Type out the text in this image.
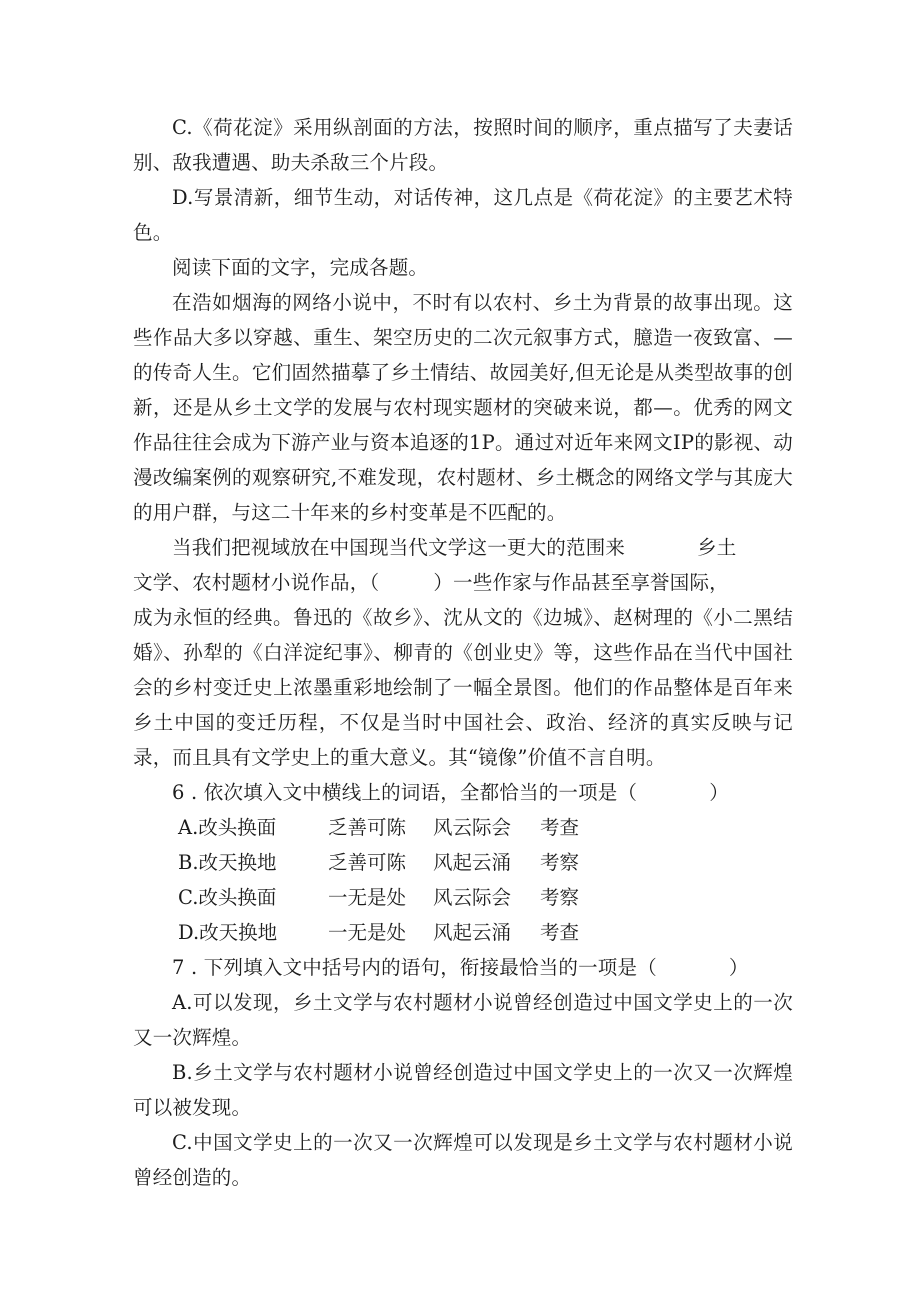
C.《荷花淀》采用纵剖面的方法，按照时间的顺序，重点描写了夫妻话别、敌我遭遇、助夫杀敌三个片段。

D.写景清新，细节生动，对话传神，这几点是《荷花淀》的主要艺术特色。

阅读下面的文字，完成各题。

在浩如烟海的网络小说中，不时有以农村、乡土为背景的故事出现。这些作品大多以穿越、重生、架空历史的二次元叙事方式，臆造一夜致富、—的传奇人生。它们固然描摹了乡土情结、故园美好,但无论是从类型故事的创新，还是从乡土文学的发展与农村现实题材的突破来说，都—。优秀的网文作品往往会成为下游产业与资本追逐的1P。通过对近年来网文IP的影视、动漫改编案例的观察研究,不难发现，农村题材、乡土概念的网络文学与其庞大的用户群，与这二十年来的乡村变革是不匹配的。

当我们把视域放在中国现当代文学这一更大的范围来	乡土

文学、农村题材小说作品，（	）一些作家与作品甚至享誉国际，

成为永恒的经典。鲁迅的《故乡》、沈从文的《边城》、赵树理的《小二黑结婚》、孙犁的《白洋淀纪事》、柳青的《创业史》等，这些作品在当代中国社会的乡村变迁史上浓墨重彩地绘制了一幅全景图。他们的作品整体是百年来乡土中国的变迁历程，不仅是当时中国社会、政治、经济的真实反映与记录，而且具有文学史上的重大意义。其“镜像”价值不言自明。

6 . 依次填入文中横线上的词语，全都恰当的一项是（	）

A.改头换面	乏善可陈 风云际会 考查
B.改天换地	乏善可陈 风起云涌 考察
C.改头换面	一无是处 风云际会 考察
D.改天换地	一无是处 风起云涌 考查

7 . 下列填入文中括号内的语句，衔接最恰当的一项是（	）

A.可以发现，乡土文学与农村题材小说曾经创造过中国文学史上的一次又一次辉煌。

B.乡土文学与农村题材小说曾经创造过中国文学史上的一次又一次辉煌可以被发现。

C.中国文学史上的一次又一次辉煌可以发现是乡土文学与农村题材小说曾经创造的。
